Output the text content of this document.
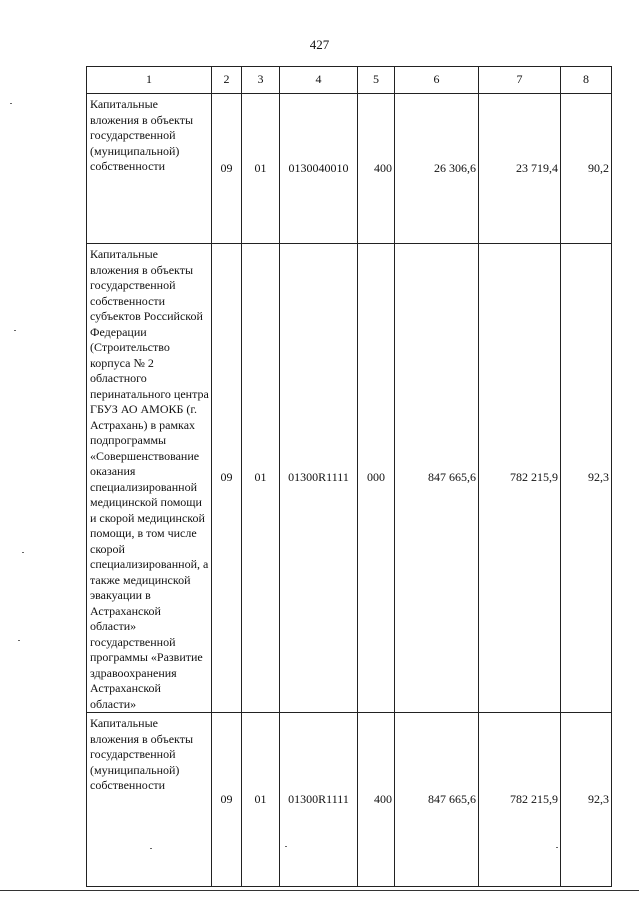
427
1	2	3	4	5	6	7	8
Капитальные вложения в объекты государственной (муниципальной) собственности	09	01	0130040010	400	26 306,6	23 719,4	90,2
Капитальные вложения в объекты государственной собственности субъектов Российской Федерации (Строительство корпуса № 2 областного перинатального центра ГБУЗ АО АМОКБ (г. Астрахань) в рамках подпрограммы «Совершенствование оказания специализированной медицинской помощи и скорой медицинской помощи, в том числе скорой специализированной, а также медицинской эвакуации в Астраханской области» государственной программы «Развитие здравоохранения Астраханской области»	09	01	01300R1111	000	847 665,6	782 215,9	92,3
Капитальные вложения в объекты государственной (муниципальной) собственности	09	01	01300R1111	400	847 665,6	782 215,9	92,3
